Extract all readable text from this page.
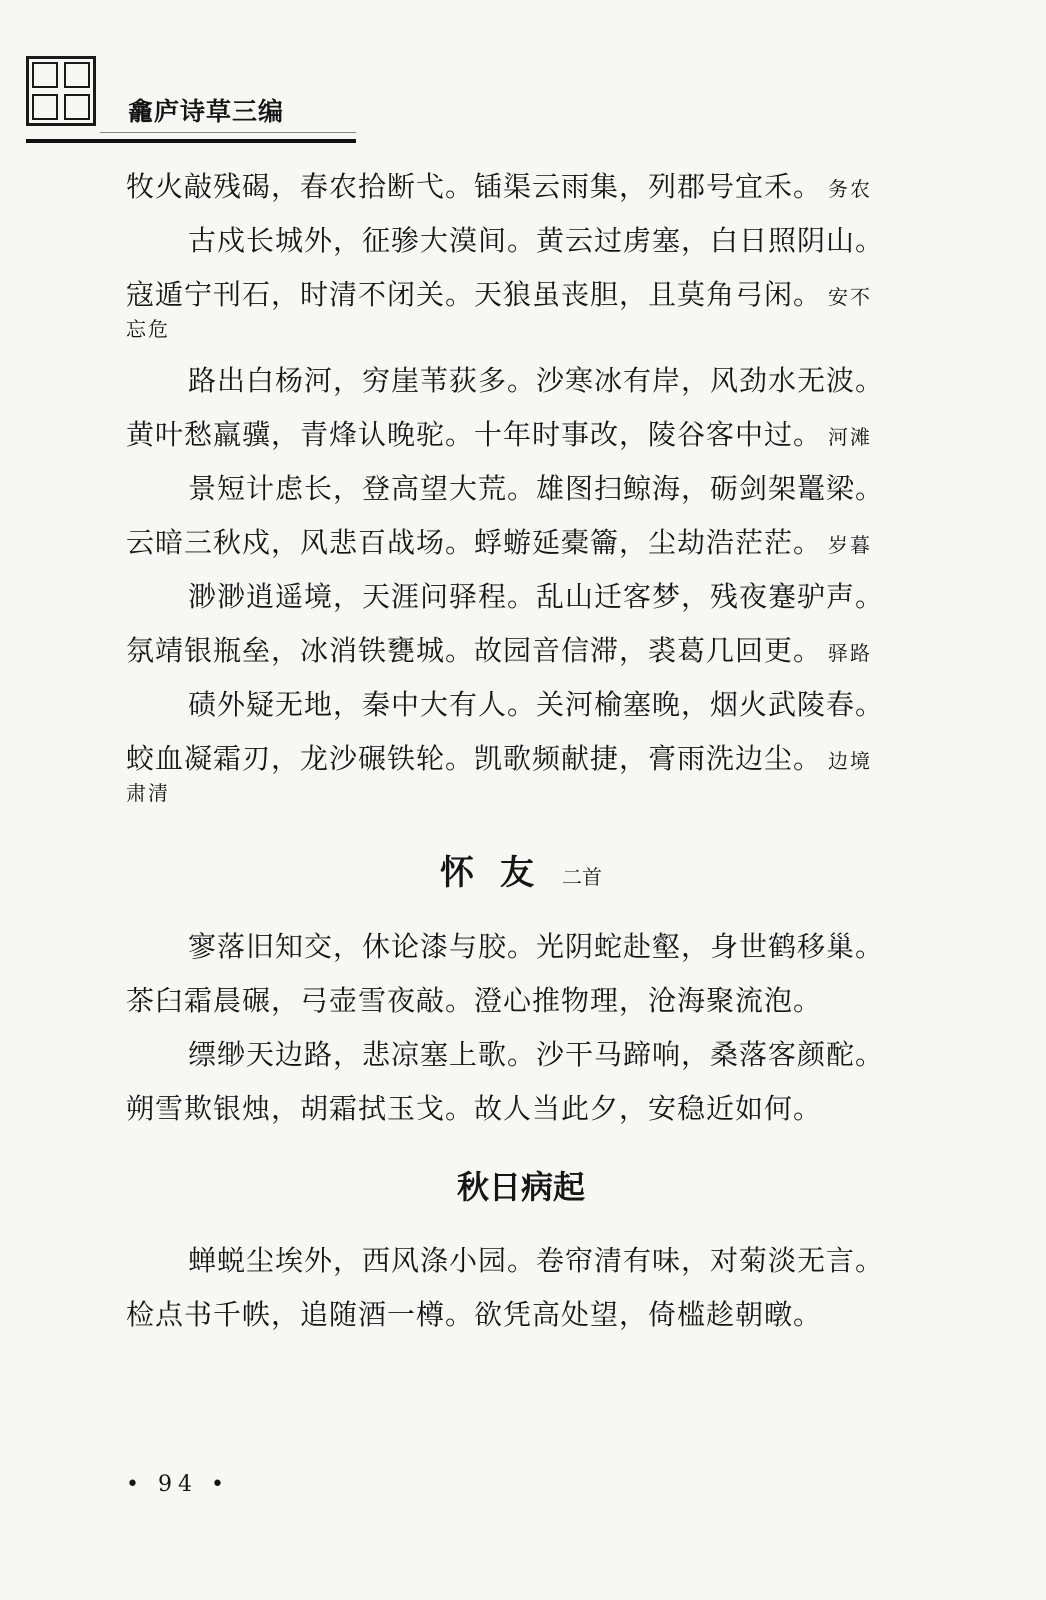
龕庐诗草三编
牧火敲残碣，春农拾断弋。锸渠云雨集，列郡号宜禾。 务农
古戍长城外，征骖大漠间。黄云过虏塞，白日照阴山。
寇遁宁刊石，时清不闭关。天狼虽丧胆，且莫角弓闲。 安不
忘危
路出白杨河，穷崖苇荻多。沙寒冰有岸，风劲水无波。
黄叶愁羸骥，青烽认晚驼。十年时事改，陵谷客中过。 河滩
景短计虑长，登高望大荒。雄图扫鲸海，砺剑架鼍梁。
云暗三秋戍，风悲百战场。蜉蝣延橐籥，尘劫浩茫茫。 岁暮
渺渺逍遥境，天涯问驿程。乱山迁客梦，残夜蹇驴声。
氛靖银瓶垒，冰消铁甕城。故园音信滞，裘葛几回更。 驿路
碛外疑无地，秦中大有人。关河榆塞晚，烟火武陵春。
蛟血凝霜刃，龙沙碾铁轮。凯歌频献捷，膏雨洗边尘。 边境
肃清
怀友 二首
寥落旧知交，休论漆与胶。光阴蛇赴壑，身世鹤移巢。
茶臼霜晨碾，弓壶雪夜敲。澄心推物理，沧海聚流泡。
缥缈天边路，悲凉塞上歌。沙干马蹄响，桑落客颜酡。
朔雪欺银烛，胡霜拭玉戈。故人当此夕，安稳近如何。
秋日病起
蝉蜕尘埃外，西风涤小园。卷帘清有味，对菊淡无言。
检点书千帙，追随酒一樽。欲凭高处望，倚槛趁朝暾。
• 94 •
